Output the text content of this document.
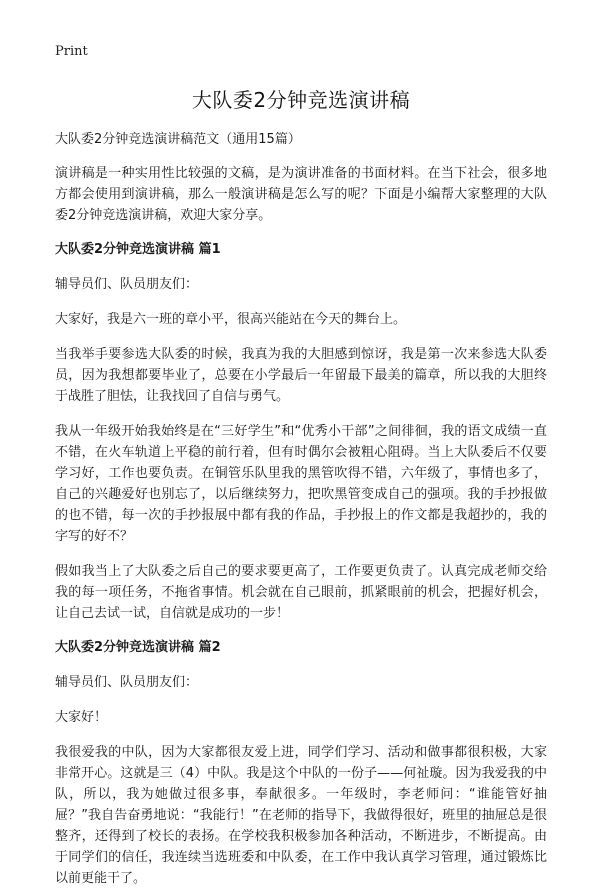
Print
大队委2分钟竞选演讲稿
大队委2分钟竞选演讲稿范文（通用15篇）

演讲稿是一种实用性比较强的文稿，是为演讲准备的书面材料。在当下社会，很多地方都会使用到演讲稿，那么一般演讲稿是怎么写的呢？下面是小编帮大家整理的大队委2分钟竞选演讲稿，欢迎大家分享。

大队委2分钟竞选演讲稿 篇1

辅导员们、队员朋友们：

大家好，我是六一班的章小平，很高兴能站在今天的舞台上。

当我举手要参选大队委的时候，我真为我的大胆感到惊讶，我是第一次来参选大队委员，因为我想都要毕业了，总要在小学最后一年留最下最美的篇章，所以我的大胆终于战胜了胆怯，让我找回了自信与勇气。

我从一年级开始我始终是在“三好学生”和“优秀小干部”之间徘徊，我的语文成绩一直不错，在火车轨道上平稳的前行着，但有时偶尔会被粗心阻碍。当上大队委后不仅要学习好，工作也要负责。在铜管乐队里我的黑管吹得不错，六年级了，事情也多了，自己的兴趣爱好也别忘了，以后继续努力，把吹黑管变成自己的强项。我的手抄报做的也不错，每一次的手抄报展中都有我的作品，手抄报上的作文都是我超抄的，我的字写的好不？

假如我当上了大队委之后自己的要求要更高了，工作要更负责了。认真完成老师交给我的每一项任务，不拖省事情。机会就在自己眼前，抓紧眼前的机会，把握好机会，让自己去试一试，自信就是成功的一步！

大队委2分钟竞选演讲稿 篇2

辅导员们、队员朋友们：

大家好！

我很爱我的中队，因为大家都很友爱上进，同学们学习、活动和做事都很积极，大家非常开心。这就是三（4）中队。我是这个中队的一份子——何祉璇。因为我爱我的中队，所以，我为她做过很多事，奉献很多。一年级时，李老师问：“谁能管好抽屉？”我自告奋勇地说：“我能行！”在老师的指导下，我做得很好，班里的抽屉总是很整齐，还得到了校长的表扬。在学校我积极参加各种活动，不断进步，不断提高。由于同学们的信任，我连续当选班委和中队委，在工作中我认真学习管理，通过锻炼比以前更能干了。
